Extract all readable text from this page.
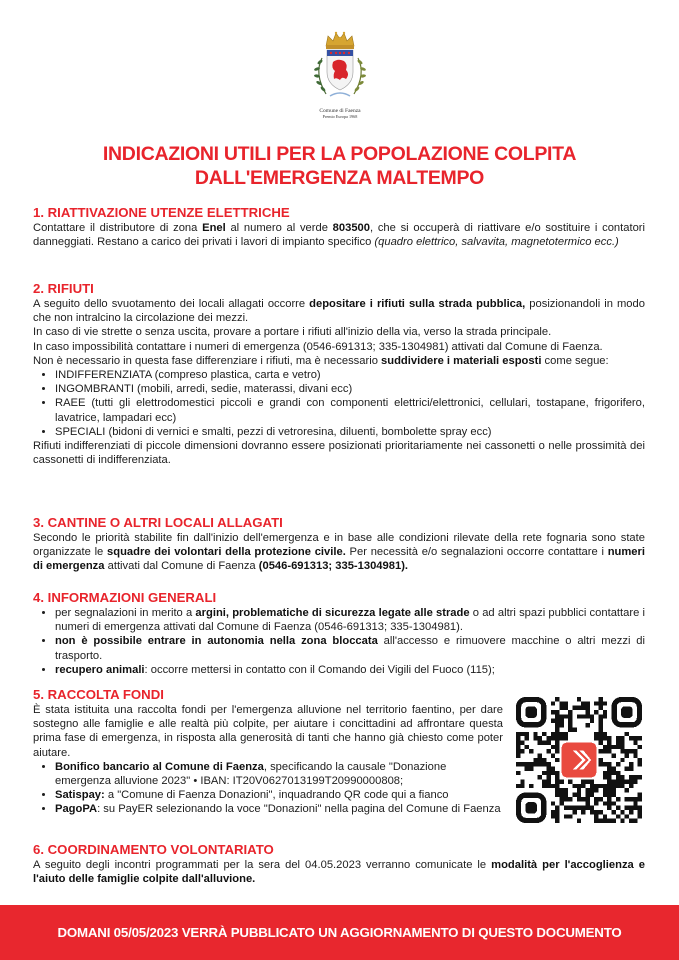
Comune di Faenza
Premio Europa 1968
INDICAZIONI UTILI PER LA POPOLAZIONE COLPITA
DALL'EMERGENZA MALTEMPO
1. RIATTIVAZIONE UTENZE ELETTRICHE

Contattare il distributore di zona Enel al numero al verde 803500, che si occuperà di riattivare e/o sostituire i contatori danneggiati. Restano a carico dei privati i lavori di impianto specifico (quadro elettrico, salvavita, magnetotermico ecc.)

2. RIFIUTI

A seguito dello svuotamento dei locali allagati occorre depositare i rifiuti sulla strada pubblica, posizionandoli in modo che non intralcino la circolazione dei mezzi.

In caso di vie strette o senza uscita, provare a portare i rifiuti all'inizio della via, verso la strada principale.

In caso impossibilità contattare i numeri di emergenza (0546-691313; 335-1304981) attivati dal Comune di Faenza.

Non è necessario in questa fase differenziare i rifiuti, ma è necessario suddividere i materiali esposti come segue:

• INDIFFERENZIATA (compreso plastica, carta e vetro)
• INGOMBRANTI (mobili, arredi, sedie, materassi, divani ecc)
• RAEE (tutti gli elettrodomestici piccoli e grandi con componenti elettrici/elettronici, cellulari, tostapane, frigorifero, lavatrice, lampadari ecc)
• SPECIALI (bidoni di vernici e smalti, pezzi di vetroresina, diluenti, bombolette spray ecc)

Rifiuti indifferenziati di piccole dimensioni dovranno essere posizionati prioritariamente nei cassonetti o nelle prossimità dei cassonetti di indifferenziata.

3. CANTINE O ALTRI LOCALI ALLAGATI

Secondo le priorità stabilite fin dall'inizio dell'emergenza e in base alle condizioni rilevate della rete fognaria sono state organizzate le squadre dei volontari della protezione civile. Per necessità e/o segnalazioni occorre contattare i numeri di emergenza attivati dal Comune di Faenza (0546-691313; 335-1304981).

4. INFORMAZIONI GENERALI
• per segnalazioni in merito a argini, problematiche di sicurezza legate alle strade o ad altri spazi pubblici contattare i numeri di emergenza attivati dal Comune di Faenza (0546-691313; 335-1304981).
• non è possibile entrare in autonomia nella zona bloccata all'accesso e rimuovere macchine o altri mezzi di trasporto.
• recupero animali: occorre mettersi in contatto con il Comando dei Vigili del Fuoco (115);
5. RACCOLTA FONDI

È stata istituita una raccolta fondi per l'emergenza alluvione nel territorio faentino, per dare sostegno alle famiglie e alle realtà più colpite, per aiutare i concittadini ad affrontare questa prima fase di emergenza, in risposta alla generosità di tanti che hanno già chiesto come poter aiutare.

• Bonifico bancario al Comune di Faenza, specificando la causale "Donazione emergenza alluvione 2023" • IBAN: IT20V0627013199T20990000808;
• Satispay: a "Comune di Faenza Donazioni", inquadrando QR code qui a fianco
• PagoPA: su PayER selezionando la voce "Donazioni" nella pagina del Comune di Faenza
6. COORDINAMENTO VOLONTARIATO

A seguito degli incontri programmati per la sera del 04.05.2023 verranno comunicate le modalità per l'accoglienza e l'aiuto delle famiglie colpite dall'alluvione.

DOMANI 05/05/2023 VERRÀ PUBBLICATO UN AGGIORNAMENTO DI QUESTO DOCUMENTO
